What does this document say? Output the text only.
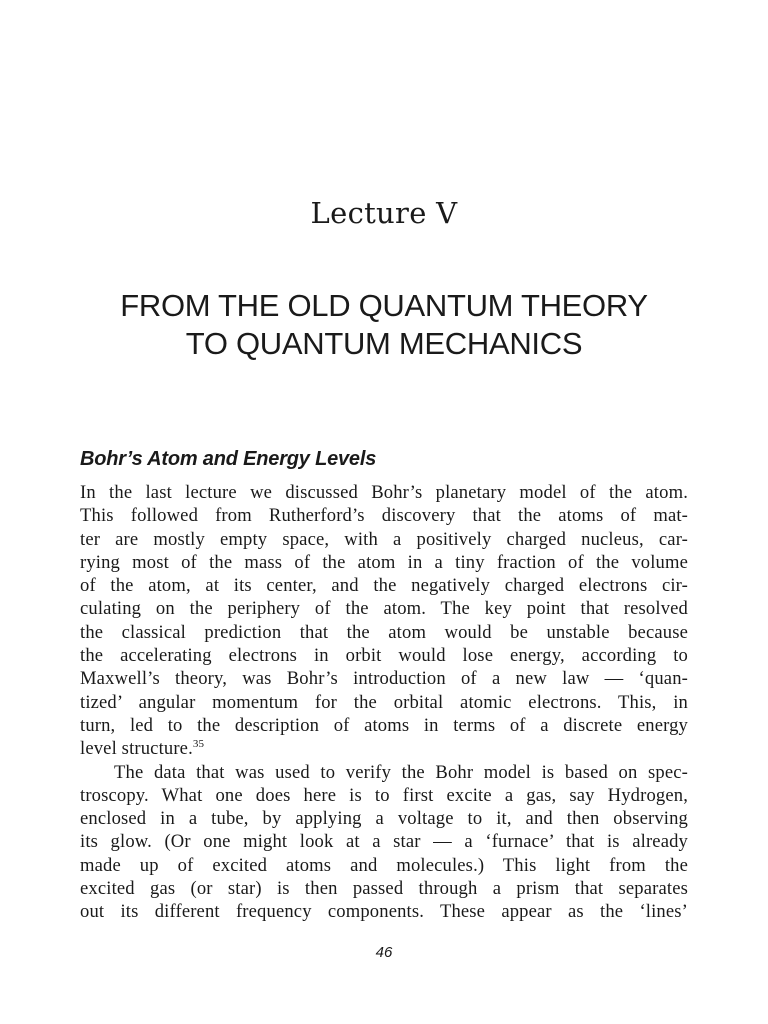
Lecture V
FROM THE OLD QUANTUM THEORY
TO QUANTUM MECHANICS
Bohr’s Atom and Energy Levels

In the last lecture we discussed Bohr’s planetary model of the atom.
This followed from Rutherford’s discovery that the atoms of mat-
ter are mostly empty space, with a positively charged nucleus, car-
rying most of the mass of the atom in a tiny fraction of the volume
of the atom, at its center, and the negatively charged electrons cir-
culating on the periphery of the atom. The key point that resolved
the classical prediction that the atom would be unstable because
the accelerating electrons in orbit would lose energy, according to
Maxwell’s theory, was Bohr’s introduction of a new law — ‘quan-
tized’ angular momentum for the orbital atomic electrons. This, in
turn, led to the description of atoms in terms of a discrete energy
level structure.$^{35}$

The data that was used to verify the Bohr model is based on spec-
troscopy. What one does here is to first excite a gas, say Hydrogen,
enclosed in a tube, by applying a voltage to it, and then observing
its glow. (Or one might look at a star — a ‘furnace’ that is already
made up of excited atoms and molecules.) This light from the
excited gas (or star) is then passed through a prism that separates
out its different frequency components. These appear as the ‘lines’

46
